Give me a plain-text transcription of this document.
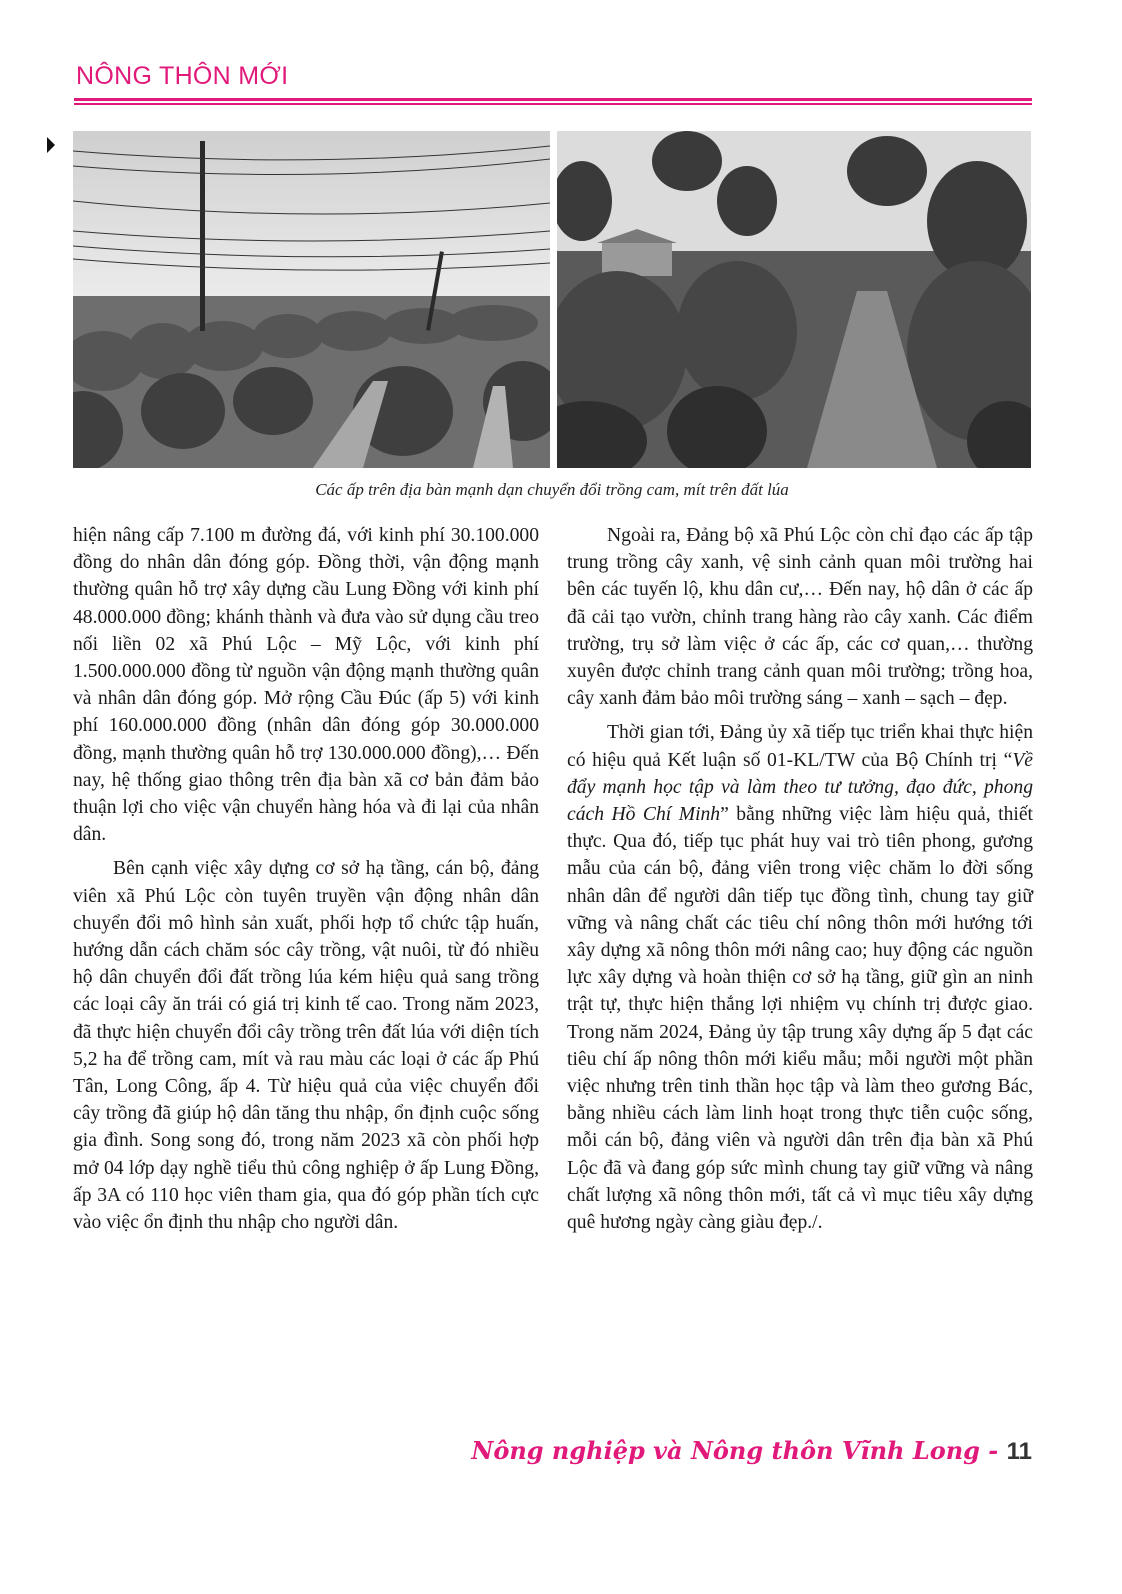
NÔNG THÔN MỚI
Các ấp trên địa bàn mạnh dạn chuyển đổi trồng cam, mít trên đất lúa

hiện nâng cấp 7.100 m đường đá, với kinh phí 30.100.000 đồng do nhân dân đóng góp. Đồng thời, vận động mạnh thường quân hỗ trợ xây dựng cầu Lung Đồng với kinh phí 48.000.000 đồng; khánh thành và đưa vào sử dụng cầu treo nối liền 02 xã Phú Lộc – Mỹ Lộc, với kinh phí 1.500.000.000 đồng từ nguồn vận động mạnh thường quân và nhân dân đóng góp. Mở rộng Cầu Đúc (ấp 5) với kinh phí 160.000.000 đồng (nhân dân đóng góp 30.000.000 đồng, mạnh thường quân hỗ trợ 130.000.000 đồng),… Đến nay, hệ thống giao thông trên địa bàn xã cơ bản đảm bảo thuận lợi cho việc vận chuyển hàng hóa và đi lại của nhân dân.

Bên cạnh việc xây dựng cơ sở hạ tầng, cán bộ, đảng viên xã Phú Lộc còn tuyên truyền vận động nhân dân chuyển đổi mô hình sản xuất, phối hợp tổ chức tập huấn, hướng dẫn cách chăm sóc cây trồng, vật nuôi, từ đó nhiều hộ dân chuyển đổi đất trồng lúa kém hiệu quả sang trồng các loại cây ăn trái có giá trị kinh tế cao. Trong năm 2023, đã thực hiện chuyển đổi cây trồng trên đất lúa với diện tích 5,2 ha để trồng cam, mít và rau màu các loại ở các ấp Phú Tân, Long Công, ấp 4. Từ hiệu quả của việc chuyển đổi cây trồng đã giúp hộ dân tăng thu nhập, ổn định cuộc sống gia đình. Song song đó, trong năm 2023 xã còn phối hợp mở 04 lớp dạy nghề tiểu thủ công nghiệp ở ấp Lung Đồng, ấp 3A có 110 học viên tham gia, qua đó góp phần tích cực vào việc ổn định thu nhập cho người dân.

Ngoài ra, Đảng bộ xã Phú Lộc còn chỉ đạo các ấp tập trung trồng cây xanh, vệ sinh cảnh quan môi trường hai bên các tuyến lộ, khu dân cư,… Đến nay, hộ dân ở các ấp đã cải tạo vườn, chỉnh trang hàng rào cây xanh. Các điểm trường, trụ sở làm việc ở các ấp, các cơ quan,… thường xuyên được chỉnh trang cảnh quan môi trường; trồng hoa, cây xanh đảm bảo môi trường sáng – xanh – sạch – đẹp.

Thời gian tới, Đảng ủy xã tiếp tục triển khai thực hiện có hiệu quả Kết luận số 01-KL/TW của Bộ Chính trị “Về đẩy mạnh học tập và làm theo tư tưởng, đạo đức, phong cách Hồ Chí Minh” bằng những việc làm hiệu quả, thiết thực. Qua đó, tiếp tục phát huy vai trò tiên phong, gương mẫu của cán bộ, đảng viên trong việc chăm lo đời sống nhân dân để người dân tiếp tục đồng tình, chung tay giữ vững và nâng chất các tiêu chí nông thôn mới hướng tới xây dựng xã nông thôn mới nâng cao; huy động các nguồn lực xây dựng và hoàn thiện cơ sở hạ tầng, giữ gìn an ninh trật tự, thực hiện thắng lợi nhiệm vụ chính trị được giao. Trong năm 2024, Đảng ủy tập trung xây dựng ấp 5 đạt các tiêu chí ấp nông thôn mới kiểu mẫu; mỗi người một phần việc nhưng trên tinh thần học tập và làm theo gương Bác, bằng nhiều cách làm linh hoạt trong thực tiễn cuộc sống, mỗi cán bộ, đảng viên và người dân trên địa bàn xã Phú Lộc đã và đang góp sức mình chung tay giữ vững và nâng chất lượng xã nông thôn mới, tất cả vì mục tiêu xây dựng quê hương ngày càng giàu đẹp./.

Nông nghiệp và Nông thôn Vĩnh Long - 11
